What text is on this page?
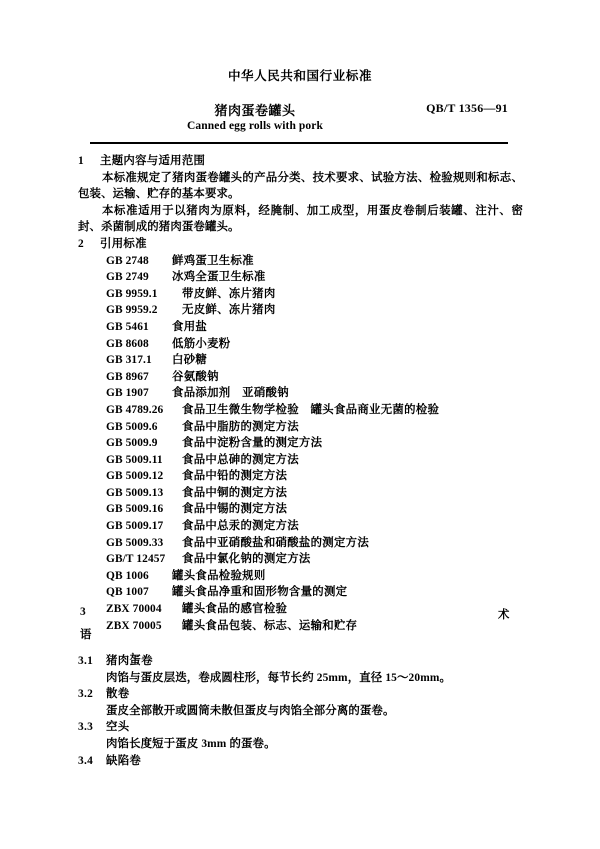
中华人民共和国行业标准
猪肉蛋卷罐头	QB/T 1356—91
Canned egg rolls with pork
1 主题内容与适用范围
本标准规定了猪肉蛋卷罐头的产品分类、技术要求、试验方法、检验规则和标志、包装、运输、贮存的基本要求。
本标准适用于以猪肉为原料，经腌制、加工成型，用蛋皮卷制后装罐、注汁、密封、杀菌制成的猪肉蛋卷罐头。
2 引用标准
GB 2748 鲜鸡蛋卫生标准
GB 2749 冰鸡全蛋卫生标准
GB 9959.1 带皮鲜、冻片猪肉
GB 9959.2 无皮鲜、冻片猪肉
GB 5461 食用盐
GB 8608 低筋小麦粉
GB 317.1 白砂糖
GB 8967 谷氨酸钠
GB 1907 食品添加剂　亚硝酸钠
GB 4789.26 食品卫生微生物学检验　罐头食品商业无菌的检验
GB 5009.6 食品中脂肪的测定方法
GB 5009.9 食品中淀粉含量的测定方法
GB 5009.11 食品中总砷的测定方法
GB 5009.12 食品中铅的测定方法
GB 5009.13 食品中铜的测定方法
GB 5009.16 食品中锡的测定方法
GB 5009.17 食品中总汞的测定方法
GB 5009.33 食品中亚硝酸盐和硝酸盐的测定方法
GB/T 12457 食品中氯化钠的测定方法
QB 1006 罐头食品检验规则
QB 1007 罐头食品净重和固形物含量的测定
ZBX 70004 罐头食品的感官检验
ZBX 70005 罐头食品包装、标志、运输和贮存
3	术
语
，
3.1 猪肉蛋卷
肉馅与蛋皮层迭，卷成圆柱形，每节长约 25mm，直径 15～20mm。
3.2 散卷
蛋皮全部散开或圆筒未散但蛋皮与肉馅全部分离的蛋卷。
3.3 空头
肉馅长度短于蛋皮 3mm 的蛋卷。
3.4 缺陷卷
